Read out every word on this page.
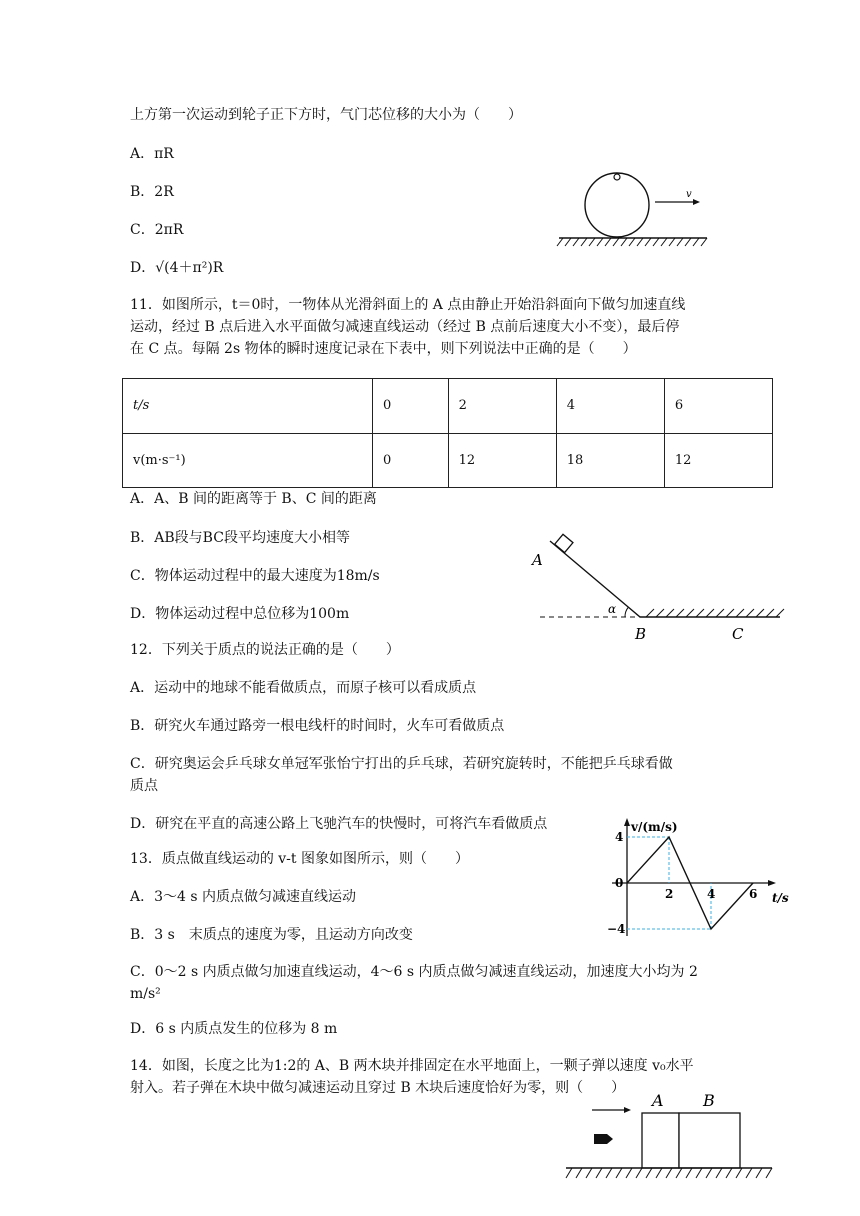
上方第一次运动到轮子正下方时，气门芯位移的大小为（　　）
A．πR
B．2R
C．2πR
D．√(4＋π²)R
v
11．如图所示，t＝0时，一物体从光滑斜面上的 A 点由静止开始沿斜面向下做匀加速直线
运动，经过 B 点后进入水平面做匀减速直线运动（经过 B 点前后速度大小不变），最后停
在 C 点。每隔 2s 物体的瞬时速度记录在下表中，则下列说法中正确的是（　　）
t/s	0	2	4	6
v(m·s⁻¹)	0	12	18	12
A．A、B 间的距离等于 B、C 间的距离
B．AB段与BC段平均速度大小相等
C．物体运动过程中的最大速度为18m/s
D．物体运动过程中总位移为100m	α
A
B	C
12．下列关于质点的说法正确的是（　　）
A．运动中的地球不能看做质点，而原子核可以看成质点
B．研究火车通过路旁一根电线杆的时间时，火车可看做质点
C．研究奥运会乒乓球女单冠军张怡宁打出的乒乓球，若研究旋转时，不能把乒乓球看做
质点
D．研究在平直的高速公路上飞驰汽车的快慢时，可将汽车看做质点
13．质点做直线运动的 v-t 图象如图所示，则（　　）
A．3～4 s 内质点做匀减速直线运动
B．3 s　末质点的速度为零，且运动方向改变
C．0～2 s 内质点做匀加速直线运动，4～6 s 内质点做匀减速直线运动，加速度大小均为 2
m/s²
D．6 s 内质点发生的位移为 8 m
v/(m/s)
t/s
2	4	6
4
0
−4
14．如图，长度之比为1:2的 A、B 两木块并排固定在水平地面上，一颗子弹以速度 v₀水平
射入。若子弹在木块中做匀减速运动且穿过 B 木块后速度恰好为零，则（　　）
A B
